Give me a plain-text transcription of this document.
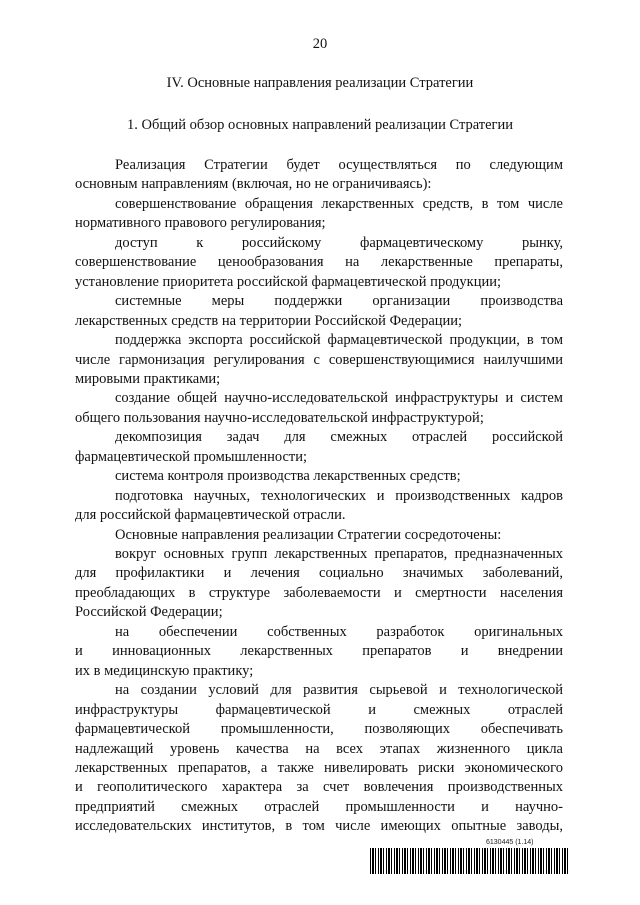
20
IV. Основные направления реализации Стратегии
1. Общий обзор основных направлений реализации Стратегии
Реализация Стратегии будет осуществляться по следующим
основным направлениям (включая, но не ограничиваясь):
совершенствование обращения лекарственных средств, в том числе
нормативного правового регулирования;
доступ к российскому фармацевтическому рынку,
совершенствование ценообразования на лекарственные препараты,
установление приоритета российской фармацевтической продукции;
системные меры поддержки организации производства
лекарственных средств на территории Российской Федерации;
поддержка экспорта российской фармацевтической продукции, в том
числе гармонизация регулирования с совершенствующимися наилучшими
мировыми практиками;
создание общей научно-исследовательской инфраструктуры и систем
общего пользования научно-исследовательской инфраструктурой;
декомпозиция задач для смежных отраслей российской
фармацевтической промышленности;
система контроля производства лекарственных средств;
подготовка научных, технологических и производственных кадров
для российской фармацевтической отрасли.
Основные направления реализации Стратегии сосредоточены:
вокруг основных групп лекарственных препаратов, предназначенных
для профилактики и лечения социально значимых заболеваний,
преобладающих в структуре заболеваемости и смертности населения
Российской Федерации;
на обеспечении собственных разработок оригинальных
и инновационных лекарственных препаратов и внедрении
их в медицинскую практику;
на создании условий для развития сырьевой и технологической
инфраструктуры фармацевтической и смежных отраслей
фармацевтической промышленности, позволяющих обеспечивать
надлежащий уровень качества на всех этапах жизненного цикла
лекарственных препаратов, а также нивелировать риски экономического
и геополитического характера за счет вовлечения производственных
предприятий смежных отраслей промышленности и научно-
исследовательских институтов, в том числе имеющих опытные заводы,
6130445 (1.14)
